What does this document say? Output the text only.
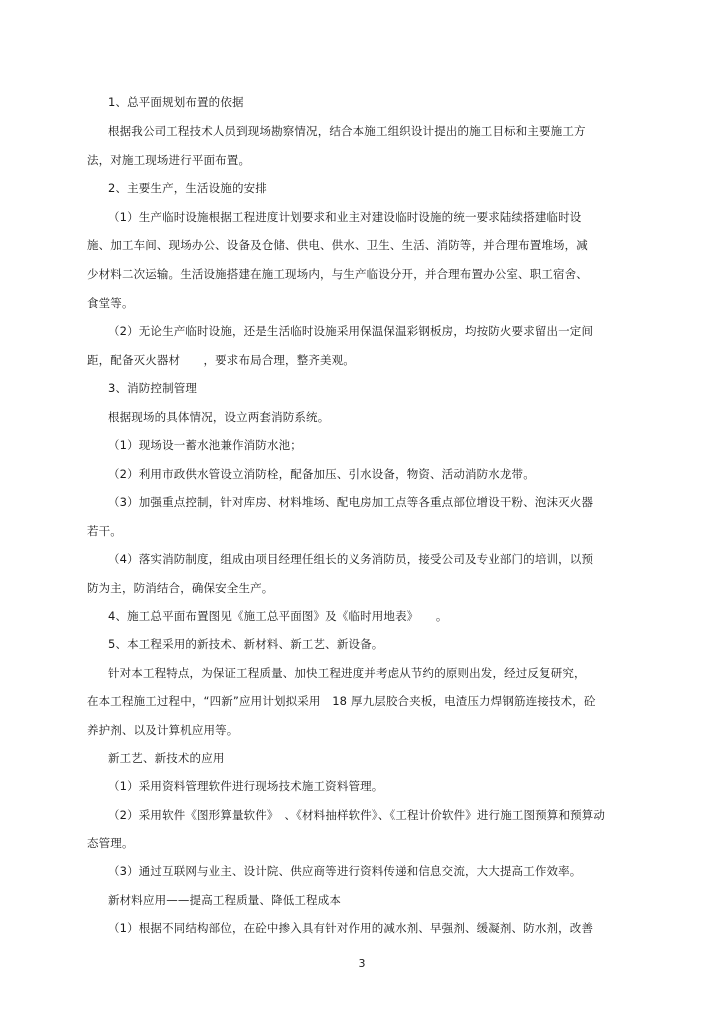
1、总平面规划布置的依据
根据我公司工程技术人员到现场勘察情况，结合本施工组织设计提出的施工目标和主要施工方
法，对施工现场进行平面布置。
2、主要生产，生活设施的安排
（1）生产临时设施根据工程进度计划要求和业主对建设临时设施的统一要求陆续搭建临时设
施、加工车间、现场办公、设备及仓储、供电、供水、卫生、生活、消防等，并合理布置堆场，减
少材料二次运输。生活设施搭建在施工现场内，与生产临设分开，并合理布置办公室、职工宿舍、
食堂等。
（2）无论生产临时设施，还是生活临时设施采用保温保温彩钢板房，均按防火要求留出一定间
距，配备灭火器材　　，要求布局合理，整齐美观。
3、消防控制管理
根据现场的具体情况，设立两套消防系统。
（1）现场设一蓄水池兼作消防水池；
（2）利用市政供水管设立消防栓，配备加压、引水设备，物资、活动消防水龙带。
（3）加强重点控制，针对库房、材料堆场、配电房加工点等各重点部位增设干粉、泡沫灭火器
若干。
（4）落实消防制度，组成由项目经理任组长的义务消防员，接受公司及专业部门的培训，以预
防为主，防消结合，确保安全生产。
4、施工总平面布置图见《施工总平面图》及《临时用地表》　　。
5、本工程采用的新技术、新材料、新工艺、新设备。
针对本工程特点，为保证工程质量、加快工程进度并考虑从节约的原则出发，经过反复研究，
在本工程施工过程中，“四新”应用计划拟采用　18 厚九层胶合夹板，电渣压力焊钢筋连接技术，砼
养护剂、以及计算机应用等。
新工艺、新技术的应用
（1）采用资料管理软件进行现场技术施工资料管理。
（2）采用软件《图形算量软件》　、《材料抽样软件》、《工程计价软件》进行施工图预算和预算动
态管理。
（3）通过互联网与业主、设计院、供应商等进行资料传递和信息交流，大大提高工作效率。
新材料应用——提高工程质量、降低工程成本
（1）根据不同结构部位，在砼中掺入具有针对作用的减水剂、早强剂、缓凝剂、防水剂，改善
3
